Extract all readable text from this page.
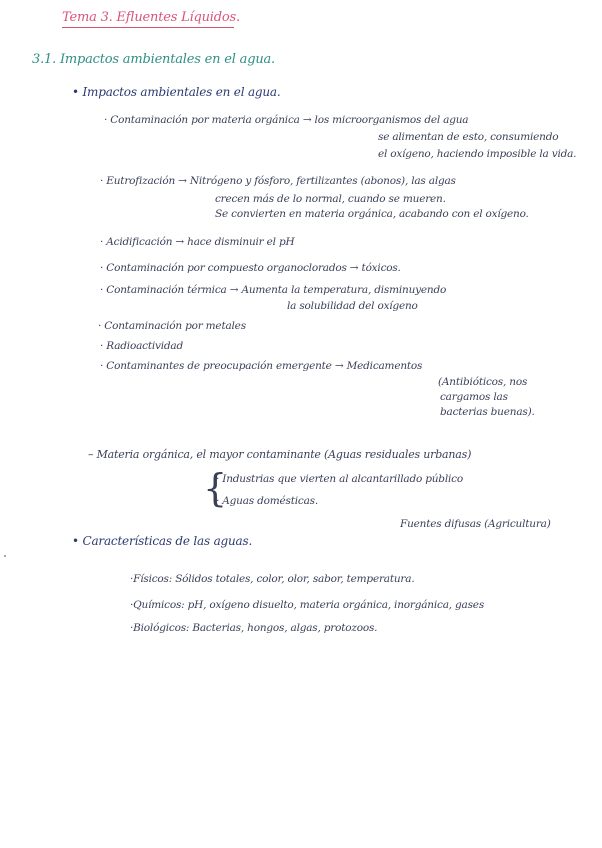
Tema 3. Efluentes Líquidos.
3.1. Impactos ambientales en el agua.
• Impactos ambientales en el agua.
· Contaminación por materia orgánica → los microorganismos del agua
se alimentan de esto, consumiendo
el oxígeno, haciendo imposible la vida.
· Eutrofización → Nitrógeno y fósforo, fertilizantes (abonos), las algas
crecen más de lo normal, cuando se mueren.
Se convierten en materia orgánica, acabando con el oxígeno.
· Acidificación → hace disminuir el pH
· Contaminación por compuesto organoclorados → tóxicos.
· Contaminación térmica → Aumenta la temperatura, disminuyendo
la solubilidad del oxígeno
· Contaminación por metales
· Radioactividad
· Contaminantes de preocupación emergente → Medicamentos
(Antibióticos, nos
cargamos las
bacterias buenas).
– Materia orgánica, el mayor contaminante (Aguas residuales urbanas)
{
· Industrias que vierten al alcantarillado público
· Aguas domésticas.
Fuentes difusas (Agricultura)
• Características de las aguas.
·Físicos: Sólidos totales, color, olor, sabor, temperatura.
·Químicos: pH, oxígeno disuelto, materia orgánica, inorgánica, gases
·Biológicos: Bacterias, hongos, algas, protozoos.
